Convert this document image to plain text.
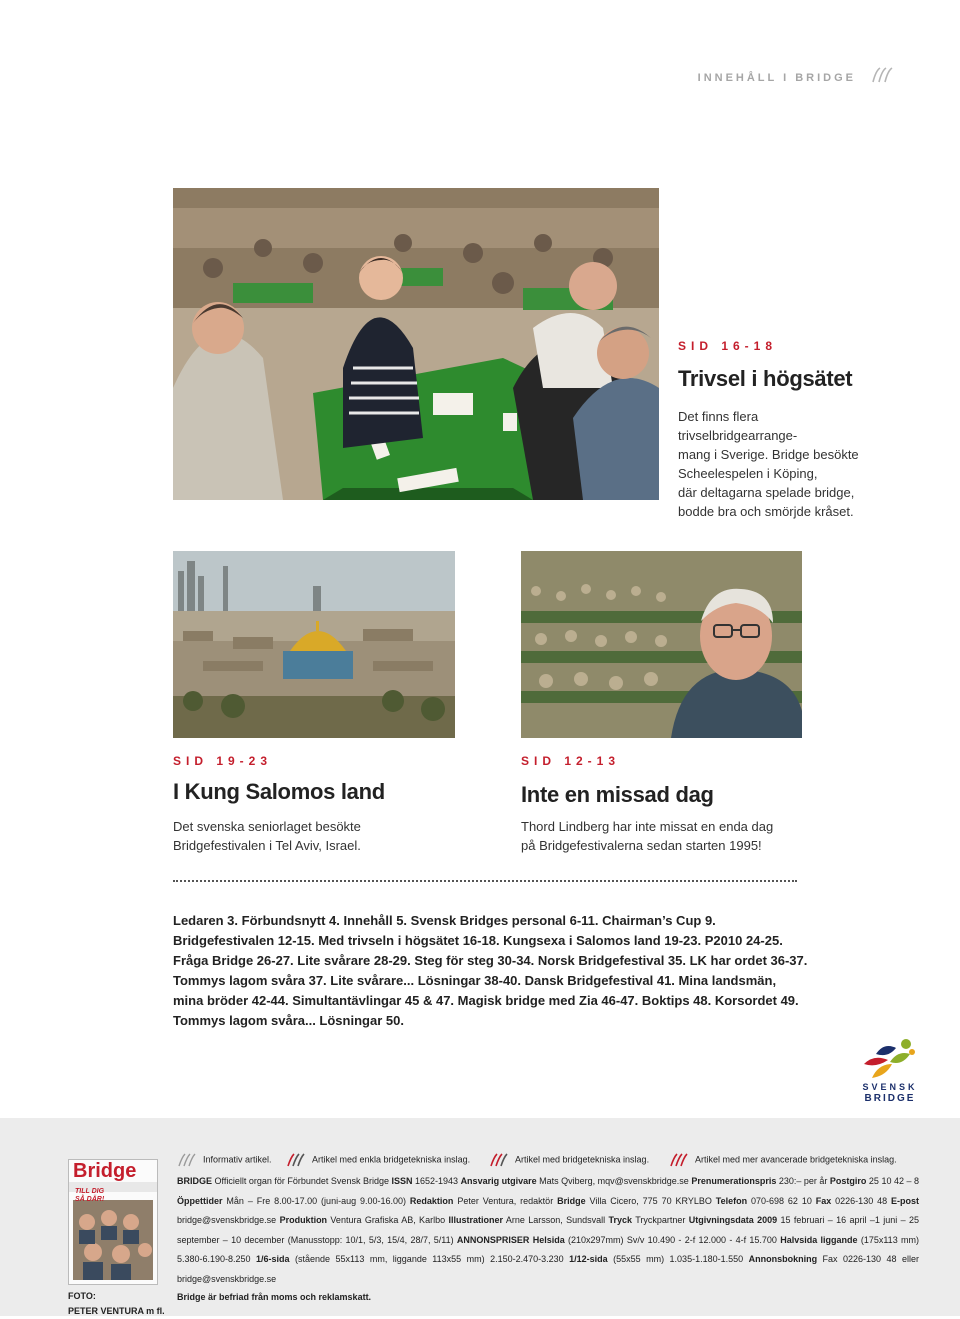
INNEHÅLL I BRIDGE
SID 16-18
Trivsel i högsätet
Det finns flera trivselbridgearrange-
mang i Sverige. Bridge besökte
Scheelespelen i Köping,
där deltagarna spelade bridge,
bodde bra och smörjde kråset.
SID 19-23
I Kung Salomos land
Det svenska seniorlaget besökte
Bridgefestivalen i Tel Aviv, Israel.
SID 12-13
Inte en missad dag
Thord Lindberg har inte missat en enda dag
på Bridgefestivalerna sedan starten 1995!
Ledaren 3. Förbundsnytt 4. Innehåll 5. Svensk Bridges personal 6-11. Chairman’s Cup 9.
Bridgefestivalen 12-15. Med trivseln i högsätet 16-18. Kungsexa i Salomos land 19-23. P2010 24-25.
Fråga Bridge 26-27. Lite svårare 28-29. Steg för steg 30-34. Norsk Bridgefestival 35. LK har ordet 36-37.
Tommys lagom svåra 37. Lite svårare... Lösningar 38-40. Dansk Bridgefestival 41. Mina landsmän,
mina bröder 42-44. Simultantävlingar 45 & 47. Magisk bridge med Zia 46-47. Boktips 48. Korsordet 49.
Tommys lagom svåra... Lösningar 50.
SVENSK
BRIDGE
Bridge
TILL DIG
SÅ DÄR!
FOTO:
PETER VENTURA m fl.
Informativ artikel.	Artikel med enkla bridgetekniska inslag.	Artikel med bridgetekniska inslag.	Artikel med mer avancerade bridgetekniska inslag.
BRIDGE Officiellt organ för Förbundet Svensk Bridge ISSN 1652-1943 Ansvarig utgivare Mats Qviberg, mqv@svenskbridge.se Prenumerationspris 230:– per år Postgiro 25 10 42 – 8 Öppettider Mån – Fre 8.00-17.00 (juni-aug 9.00-16.00) Redaktion Peter Ventura, redaktör Bridge Villa Cicero, 775 70 KRYLBO Telefon 070-698 62 10 Fax 0226-130 48 E-post bridge@svenskbridge.se Produktion Ventura Grafiska AB, Karlbo Illustrationer Arne Larsson, Sundsvall Tryck Tryckpartner Utgivningsdata 2009 15 februari – 16 april –1 juni – 25 september – 10 december (Manusstopp: 10/1, 5/3, 15/4, 28/7, 5/11) ANNONSPRISER Helsida (210x297mm) Sv/v 10.490 - 2-f 12.000 - 4-f 15.700 Halvsida liggande (175x113 mm) 5.380-6.190-8.250 1/6-sida (stående 55x113 mm, liggande 113x55 mm) 2.150-2.470-3.230 1/12-sida (55x55 mm) 1.035-1.180-1.550 Annonsbokning Fax 0226-130 48 eller bridge@svenskbridge.se
Bridge är befriad från moms och reklamskatt.
